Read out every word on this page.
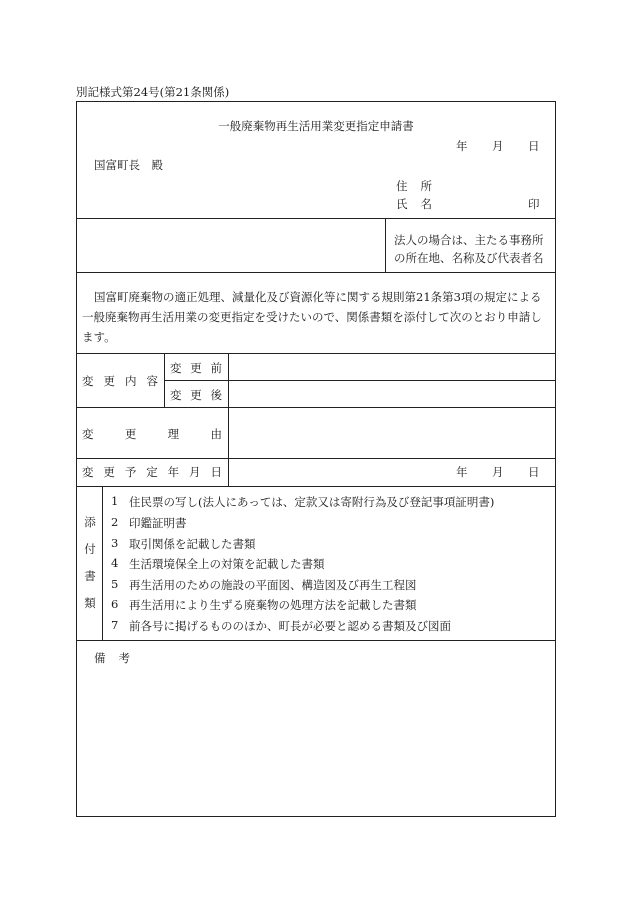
別記様式第24号(第21条関係)
一般廃棄物再生活用業変更指定申請書
年 月 日
国富町長　殿
住 所
氏 名	印
法人の場合は、主たる事務所
の所在地、名称及び代表者名
国富町廃棄物の適正処理、減量化及び資源化等に関する規則第21条第3項の規定による
一般廃棄物再生活用業の変更指定を受けたいので、関係書類を添付して次のとおり申請し
ます。
変 更 内 容
変 更 前
変 更 後
変	更	理	由
変 更 予 定 年 月 日	年 月 日
添
付
書
類
1 住民票の写し(法人にあっては、定款又は寄附行為及び登記事項証明書)
2 印鑑証明書
3 取引関係を記載した書類
4 生活環境保全上の対策を記載した書類
5 再生活用のための施設の平面図、構造図及び再生工程図
6 再生活用により生ずる廃棄物の処理方法を記載した書類
7 前各号に掲げるもののほか、町長が必要と認める書類及び図面
備 考
